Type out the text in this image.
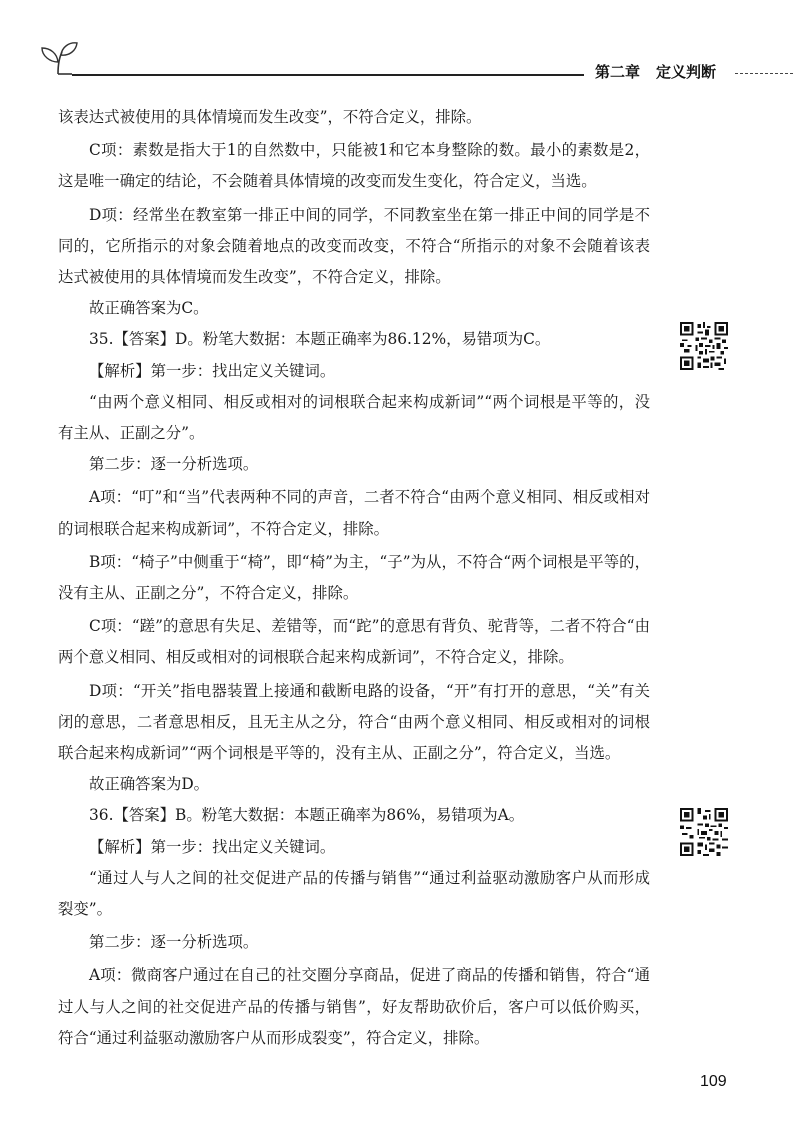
第二章 定义判断

该表达式被使用的具体情境而发生改变”，不符合定义，排除。

C项：素数是指大于1的自然数中，只能被1和它本身整除的数。最小的素数是2，这是唯一确定的结论，不会随着具体情境的改变而发生变化，符合定义，当选。

D项：经常坐在教室第一排正中间的同学，不同教室坐在第一排正中间的同学是不同的，它所指示的对象会随着地点的改变而改变，不符合“所指示的对象不会随着该表达式被使用的具体情境而发生改变”，不符合定义，排除。

故正确答案为C。

35.【答案】D。粉笔大数据：本题正确率为86.12%，易错项为C。

【解析】第一步：找出定义关键词。

“由两个意义相同、相反或相对的词根联合起来构成新词”“两个词根是平等的，没有主从、正副之分”。

第二步：逐一分析选项。

A项：“叮”和“当”代表两种不同的声音，二者不符合“由两个意义相同、相反或相对的词根联合起来构成新词”，不符合定义，排除。

B项：“椅子”中侧重于“椅”，即“椅”为主，“子”为从，不符合“两个词根是平等的，没有主从、正副之分”，不符合定义，排除。

C项：“蹉”的意思有失足、差错等，而“跎”的意思有背负、驼背等，二者不符合“由两个意义相同、相反或相对的词根联合起来构成新词”，不符合定义，排除。

D项：“开关”指电器装置上接通和截断电路的设备，“开”有打开的意思，“关”有关闭的意思，二者意思相反，且无主从之分，符合“由两个意义相同、相反或相对的词根联合起来构成新词”“两个词根是平等的，没有主从、正副之分”，符合定义，当选。

故正确答案为D。

36.【答案】B。粉笔大数据：本题正确率为86%，易错项为A。

【解析】第一步：找出定义关键词。

“通过人与人之间的社交促进产品的传播与销售”“通过利益驱动激励客户从而形成裂变”。

第二步：逐一分析选项。

A项：微商客户通过在自己的社交圈分享商品，促进了商品的传播和销售，符合“通过人与人之间的社交促进产品的传播与销售”，好友帮助砍价后，客户可以低价购买，符合“通过利益驱动激励客户从而形成裂变”，符合定义，排除。

109
